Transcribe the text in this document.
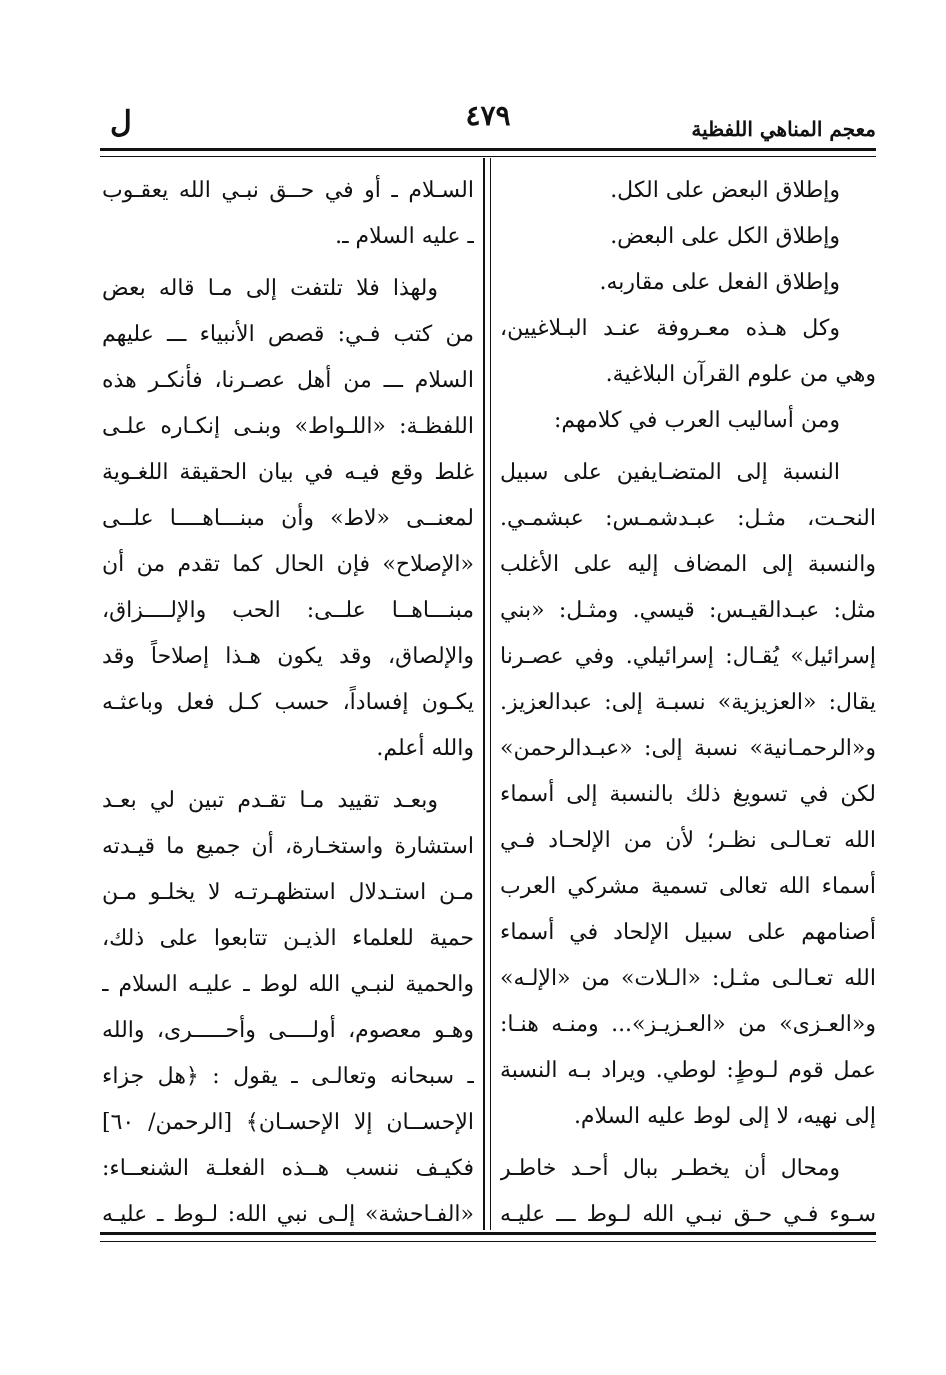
معجم المناهي اللفظية
٤٧٩
ل
وإطلاق البعض على الكل.
وإطلاق الكل على البعض.
وإطلاق الفعل على مقاربه.
وكل هـذه معـروفة عنـد البـلاغيين،
وهي من علوم القرآن البلاغية.
ومن أساليب العرب في كلامهم:
النسبة إلى المتضـايفين على سبيل
النحـت، مثـل: عبـدشمـس: عبشمـي.
والنسبة إلى المضاف إليه على الأغلب
مثل: عبـدالقيـس: قيسي. ومثـل: «بني
إسرائيل» يُقـال: إسرائيلي. وفي عصـرنا
يقال: «العزيزية» نسبـة إلى: عبدالعزيز.
و«الرحمـانية» نسبة إلى: «عبـدالرحمن»
لكن في تسويغ ذلك بالنسبة إلى أسماء
الله تعـالـى نظـر؛ لأن من الإلحـاد فـي
أسماء الله تعالى تسمية مشركي العرب
أصنامهم على سبيل الإلحاد في أسماء
الله تعـالـى مثـل: «الـلات» من «الإلـه»
و«العـزى» من «العـزيـز»... ومنـه هنـا:
عمل قوم لـوطٍ: لوطي. ويراد بـه النسبة
إلى نهيه، لا إلى لوط عليه السلام.
ومحال أن يخطـر ببال أحـد خاطـر
سـوء فـي حـق نبـي الله لـوط ـــ عليـه
السـلام ـ أو في حــق نبـي الله يعقـوب
ـ عليه السلام ـ.
ولهذا فلا تلتفت إلى مـا قاله بعض
من كتب فـي: قصص الأنبياء ـــ عليهم
السلام ـــ من أهل عصـرنا، فأنكـر هذه
اللفظـة: «اللـواط» وبنـى إنكـاره علـى
غلط وقع فيـه في بيان الحقيقة اللغـوية
لمعنــى «لاط» وأن مبنـــاهــــا علــى
«الإصلاح» فإن الحال كما تقدم من أن
مبنـــاهــا علــى: الحب والإلــــزاق،
والإلصاق، وقد يكون هـذا إصلاحاً وقد
يكـون إفساداً، حسب كـل فعل وباعثـه
والله أعلم.
وبعـد تقييد مـا تقـدم تبين لي بعـد
استشارة واستخـارة، أن جميع ما قيـدته
مـن استـدلال استظهـرتـه لا يخلـو مـن
حمية للعلماء الذيـن تتابعوا على ذلك،
والحمية لنبـي الله لوط ـ عليـه السلام ـ
وهـو معصوم، أولــــى وأحـــــرى، والله
ـ سبحانه وتعالـى ـ يقول : ﴿هل جزاء
الإحســان إلا الإحسـان﴾ [الرحمن/ ٦٠]
فكيـف ننسب هــذه الفعلـة الشنعــاء:
«الفـاحشة» إلـى نبي الله: لـوط ـ عليـه
